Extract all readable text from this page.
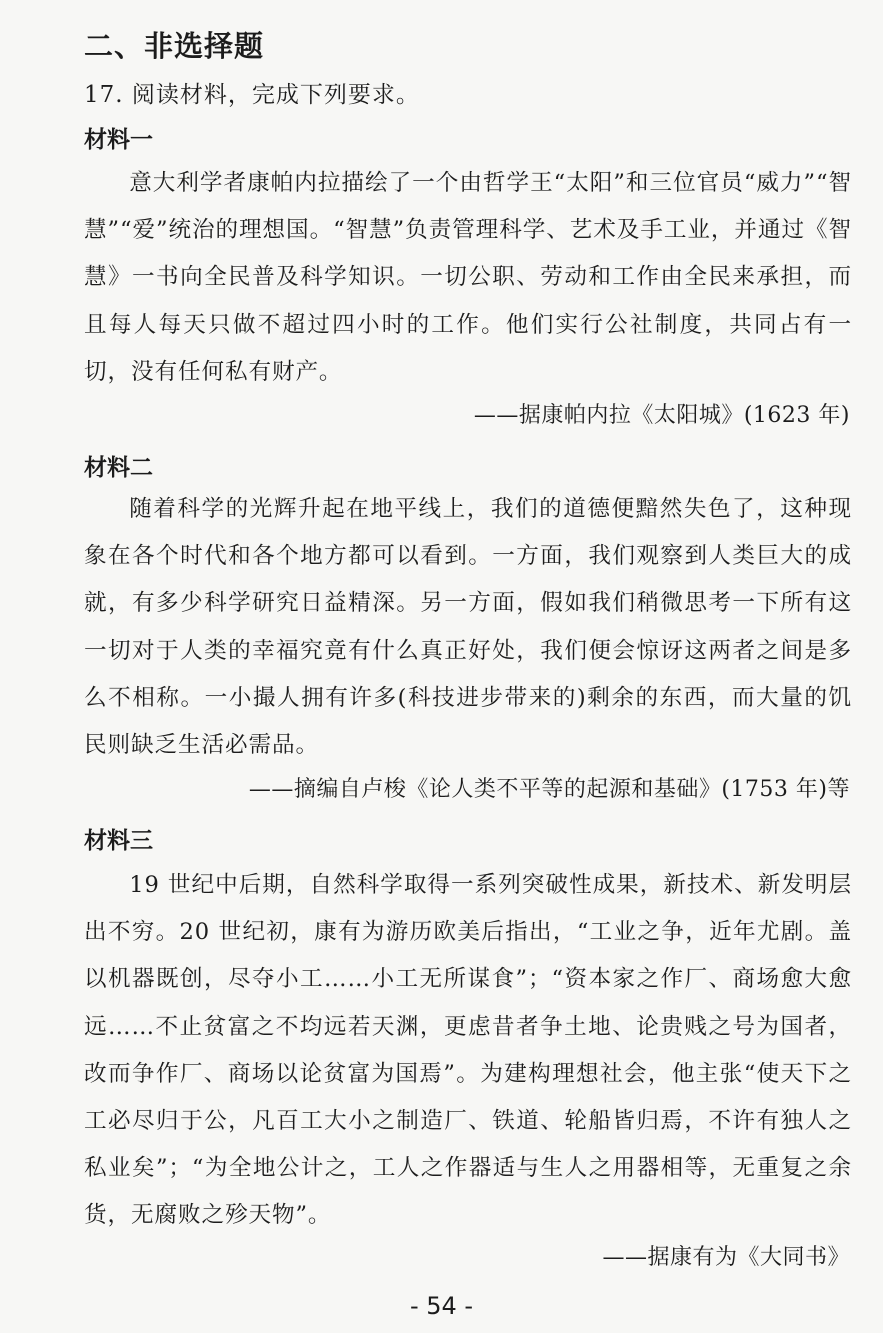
二、非选择题
17. 阅读材料，完成下列要求。
材料一
意大利学者康帕内拉描绘了一个由哲学王“太阳”和三位官员“威力”“智慧”“爱”统治的理想国。“智慧”负责管理科学、艺术及手工业，并通过《智慧》一书向全民普及科学知识。一切公职、劳动和工作由全民来承担，而且每人每天只做不超过四小时的工作。他们实行公社制度，共同占有一切，没有任何私有财产。
——据康帕内拉《太阳城》(1623 年)
材料二
随着科学的光辉升起在地平线上，我们的道德便黯然失色了，这种现象在各个时代和各个地方都可以看到。一方面，我们观察到人类巨大的成就，有多少科学研究日益精深。另一方面，假如我们稍微思考一下所有这一切对于人类的幸福究竟有什么真正好处，我们便会惊讶这两者之间是多么不相称。一小撮人拥有许多(科技进步带来的)剩余的东西，而大量的饥民则缺乏生活必需品。
——摘编自卢梭《论人类不平等的起源和基础》(1753 年)等
材料三
19 世纪中后期，自然科学取得一系列突破性成果，新技术、新发明层出不穷。20 世纪初，康有为游历欧美后指出，“工业之争，近年尤剧。盖以机器既创，尽夺小工……小工无所谋食”；“资本家之作厂、商场愈大愈远……不止贫富之不均远若天渊，更虑昔者争土地、论贵贱之号为国者，改而争作厂、商场以论贫富为国焉”。为建构理想社会，他主张“使天下之工必尽归于公，凡百工大小之制造厂、铁道、轮船皆归焉，不许有独人之私业矣”；“为全地公计之，工人之作器适与生人之用器相等，无重复之余货，无腐败之殄天物”。
——据康有为《大同书》
- 54 -
